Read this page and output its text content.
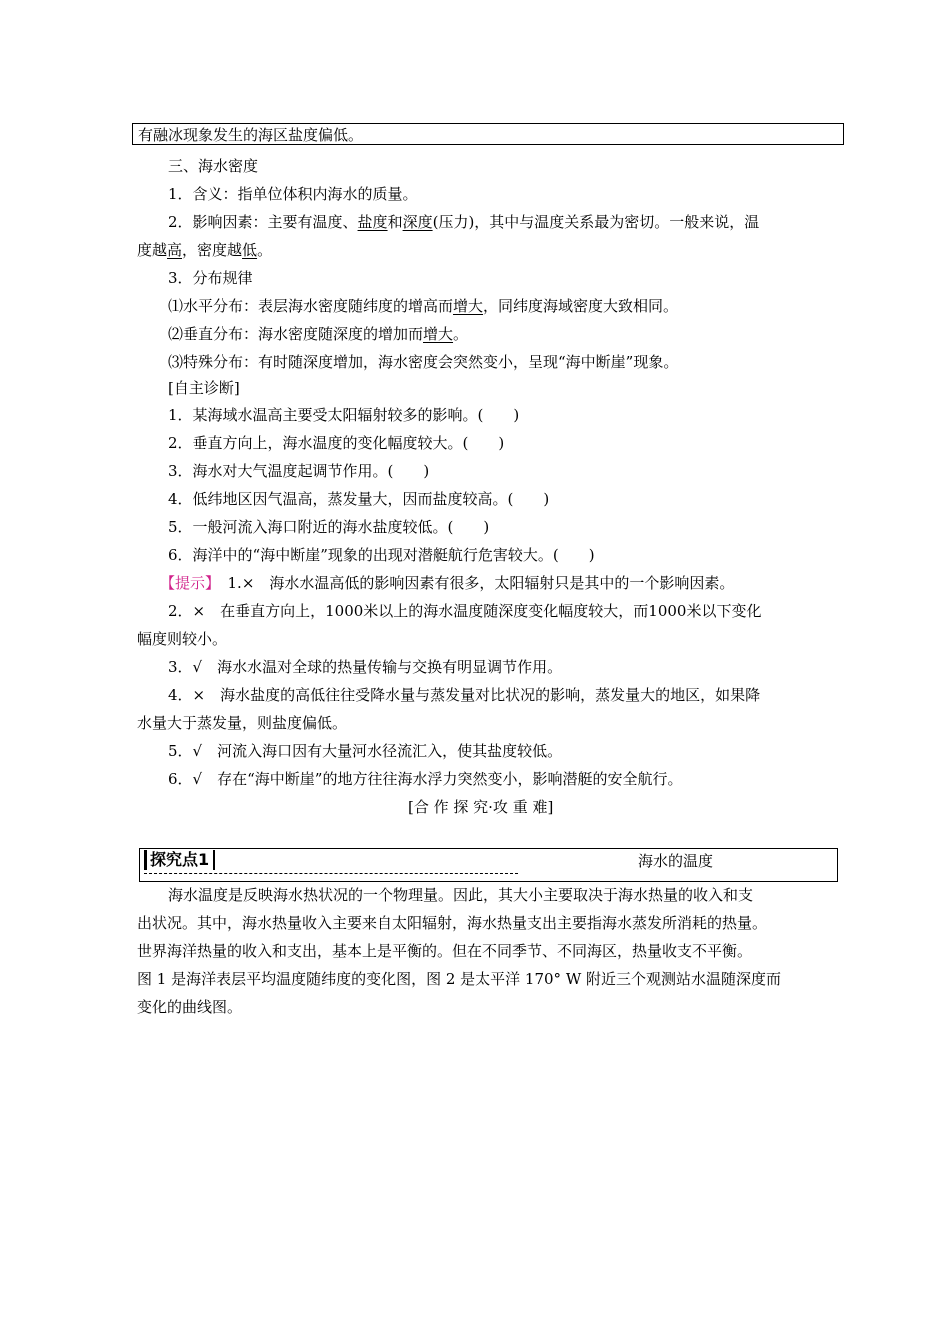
有融冰现象发生的海区盐度偏低。
三、海水密度
1．含义：指单位体积内海水的质量。
2．影响因素：主要有温度、盐度和深度(压力)，其中与温度关系最为密切。一般来说，温
度越高，密度越低。
3．分布规律
⑴水平分布：表层海水密度随纬度的增高而增大，同纬度海域密度大致相同。
⑵垂直分布：海水密度随深度的增加而增大。
⑶特殊分布：有时随深度增加，海水密度会突然变小，呈现“海中断崖”现象。
[自主诊断]
1．某海域水温高主要受太阳辐射较多的影响。(　　)
2．垂直方向上，海水温度的变化幅度较大。(　　)
3．海水对大气温度起调节作用。(　　)
4．低纬地区因气温高，蒸发量大，因而盐度较高。(　　)
5．一般河流入海口附近的海水盐度较低。(　　)
6．海洋中的“海中断崖”现象的出现对潜艇航行危害较大。(　　)
【提示】　1.×　海水水温高低的影响因素有很多，太阳辐射只是其中的一个影响因素。
2．×　在垂直方向上，1000米以上的海水温度随深度变化幅度较大，而1000米以下变化
幅度则较小。
3．√　海水水温对全球的热量传输与交换有明显调节作用。
4．×　海水盐度的高低往往受降水量与蒸发量对比状况的影响，蒸发量大的地区，如果降
水量大于蒸发量，则盐度偏低。
5．√　河流入海口因有大量河水径流汇入，使其盐度较低。
6．√　存在“海中断崖”的地方往往海水浮力突然变小，影响潜艇的安全航行。
[合 作 探 究·攻 重 难]
探究点1	海水的温度
海水温度是反映海水热状况的一个物理量。因此，其大小主要取决于海水热量的收入和支
出状况。其中，海水热量收入主要来自太阳辐射，海水热量支出主要指海水蒸发所消耗的热量。
世界海洋热量的收入和支出，基本上是平衡的。但在不同季节、不同海区，热量收支不平衡。
图 1 是海洋表层平均温度随纬度的变化图，图 2 是太平洋 170° W 附近三个观测站水温随深度而
变化的曲线图。
